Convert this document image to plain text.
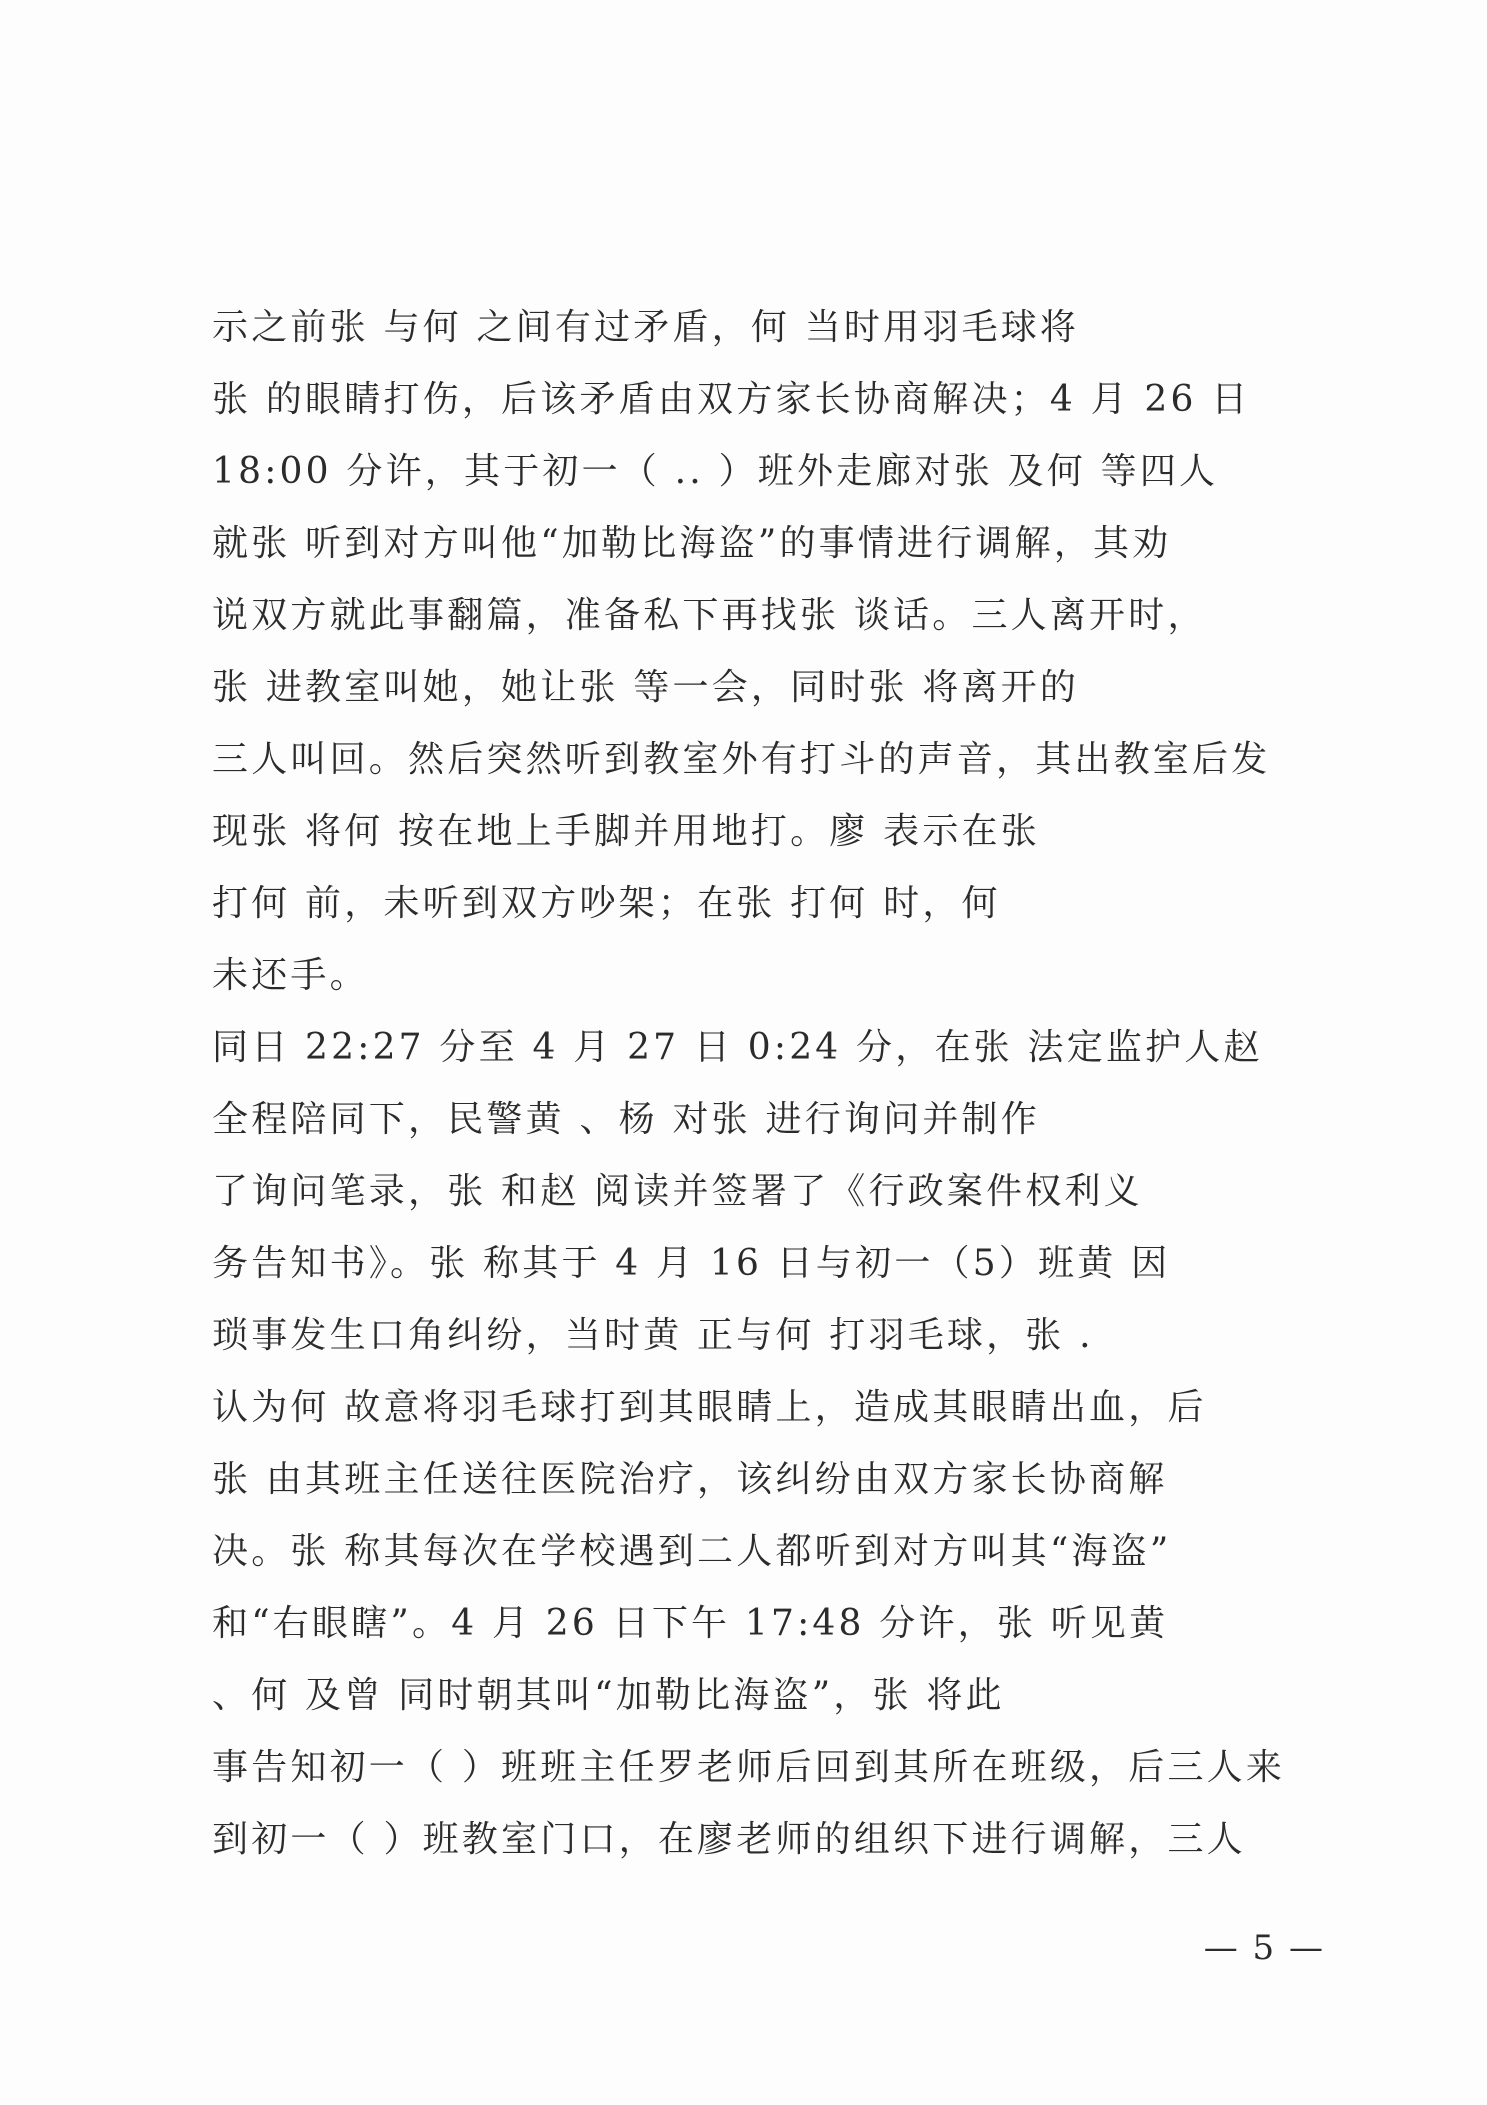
示之前张 与何 之间有过矛盾，何 当时用羽毛球将
张 的眼睛打伤，后该矛盾由双方家长协商解决；4 月 26 日
18:00 分许，其于初一（ .. ）班外走廊对张 及何 等四人
就张 听到对方叫他“加勒比海盗”的事情进行调解，其劝
说双方就此事翻篇，准备私下再找张 谈话。三人离开时，
张 进教室叫她，她让张 等一会，同时张 将离开的
三人叫回。然后突然听到教室外有打斗的声音，其出教室后发
现张 将何 按在地上手脚并用地打。廖 表示在张
打何 前，未听到双方吵架；在张 打何 时，何
未还手。
同日 22:27 分至 4 月 27 日 0:24 分，在张 法定监护人赵
全程陪同下，民警黄 、杨 对张 进行询问并制作
了询问笔录，张 和赵 阅读并签署了《行政案件权利义
务告知书》。张 称其于 4 月 16 日与初一（5）班黄 因
琐事发生口角纠纷，当时黄 正与何 打羽毛球，张 .
认为何 故意将羽毛球打到其眼睛上，造成其眼睛出血，后
张 由其班主任送往医院治疗，该纠纷由双方家长协商解
决。张 称其每次在学校遇到二人都听到对方叫其“海盗”
和“右眼瞎”。4 月 26 日下午 17:48 分许，张 听见黄
、何 及曾 同时朝其叫“加勒比海盗”，张 将此
事告知初一（ ）班班主任罗老师后回到其所在班级，后三人来
到初一（ ）班教室门口，在廖老师的组织下进行调解，三人
— 5 —
